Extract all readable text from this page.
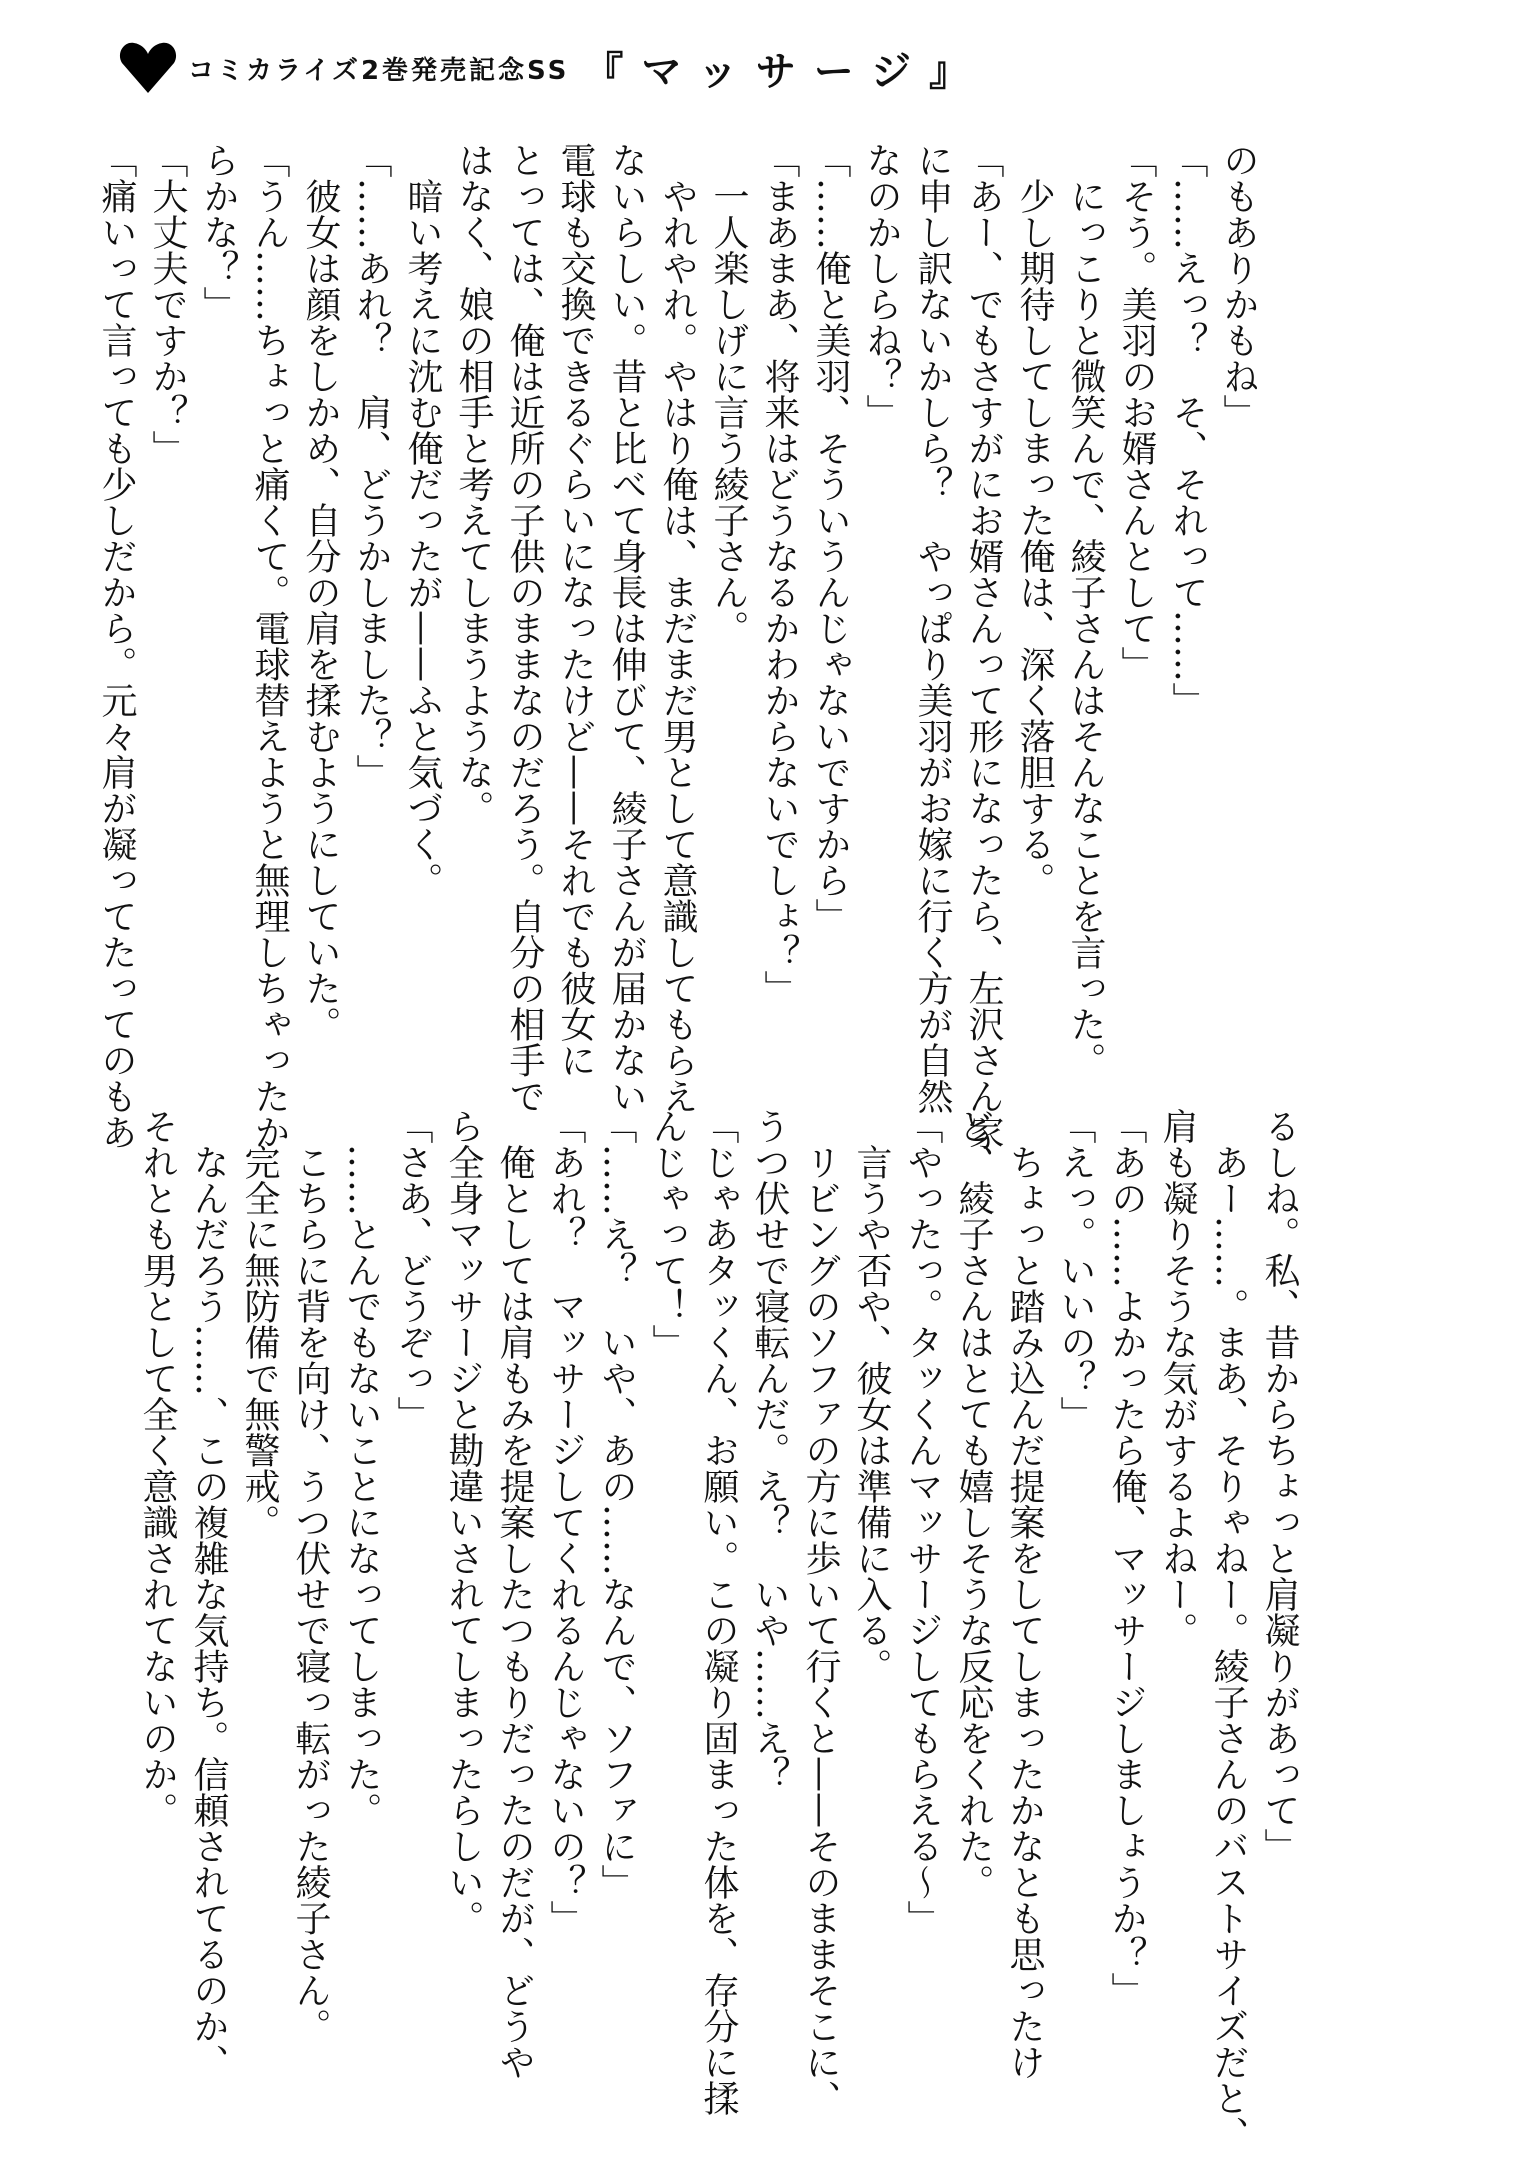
コミカライズ2巻発売記念SS 『マッサージ』
のもありかもね」
「……えっ？　そ、それって……」
「そう。美羽のお婿さんとして」
　にっこりと微笑んで、綾子さんはそんなことを言った。
　少し期待してしまった俺は、深く落胆する。
「あー、でもさすがにお婿さんって形になったら、左沢さん家
に申し訳ないかしら？　やっぱり美羽がお嫁に行く方が自然
なのかしらね？」
「……俺と美羽、そういうんじゃないですから」
「まあまあ、将来はどうなるかわからないでしょ？」
　一人楽しげに言う綾子さん。
　やれやれ。やはり俺は、まだまだ男として意識してもらえ
ないらしい。昔と比べて身長は伸びて、綾子さんが届かない
電球も交換できるぐらいになったけど——それでも彼女に
とっては、俺は近所の子供のままなのだろう。自分の相手で
はなく、娘の相手と考えてしまうような。
　暗い考えに沈む俺だったが——ふと気づく。
「……あれ？　肩、どうかしました？」
　彼女は顔をしかめ、自分の肩を揉むようにしていた。
「うん……ちょっと痛くて。電球替えようと無理しちゃったか
らかな？」
「大丈夫ですか？」
「痛いって言っても少しだから。元々肩が凝ってたってのもあ
るしね。私、昔からちょっと肩凝りがあって」
　あー……。まあ、そりゃねー。綾子さんのバストサイズだと、
肩も凝りそうな気がするよねー。
「あの……よかったら俺、マッサージしましょうか？」
「えっ。いいの？」
　ちょっと踏み込んだ提案をしてしまったかなとも思ったけ
ど、綾子さんはとても嬉しそうな反応をくれた。
「やったっ。タッくんマッサージしてもらえる～」
　言うや否や、彼女は準備に入る。
　リビングのソファの方に歩いて行くと——そのままそこに、
うつ伏せで寝転んだ。え？　いや……え？
「じゃあタッくん、お願い。この凝り固まった体を、存分に揉
んじゃって！」
「……え？　いや、あの……なんで、ソファに」
「あれ？　マッサージしてくれるんじゃないの？」
　俺としては肩もみを提案したつもりだったのだが、どうや
ら全身マッサージと勘違いされてしまったらしい。
「さあ、どうぞっ」
　……とんでもないことになってしまった。
　こちらに背を向け、うつ伏せで寝っ転がった綾子さん。
　完全に無防備で無警戒。
　なんだろう……、この複雑な気持ち。信頼されてるのか、
それとも男として全く意識されてないのか。
